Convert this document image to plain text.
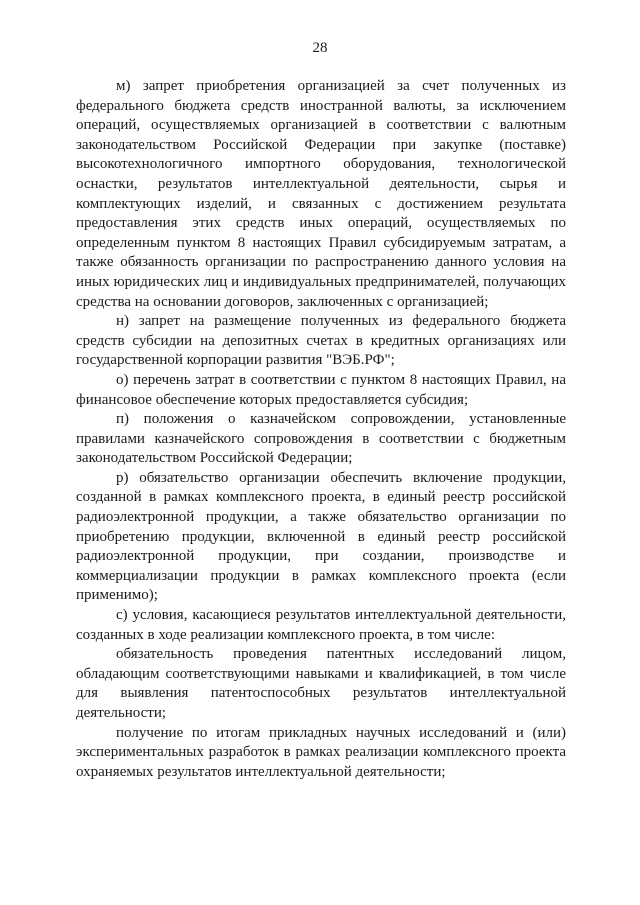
28

м) запрет приобретения организацией за счет полученных из федерального бюджета средств иностранной валюты, за исключением операций, осуществляемых организацией в соответствии с валютным законодательством Российской Федерации при закупке (поставке) высокотехнологичного импортного оборудования, технологической оснастки, результатов интеллектуальной деятельности, сырья и комплектующих изделий, и связанных с достижением результата предоставления этих средств иных операций, осуществляемых по определенным пунктом 8 настоящих Правил субсидируемым затратам, а также обязанность организации по распространению данного условия на иных юридических лиц и индивидуальных предпринимателей, получающих средства на основании договоров, заключенных с организацией;

н) запрет на размещение полученных из федерального бюджета средств субсидии на депозитных счетах в кредитных организациях или государственной корпорации развития "ВЭБ.РФ";

о) перечень затрат в соответствии с пунктом 8 настоящих Правил, на финансовое обеспечение которых предоставляется субсидия;

п) положения о казначейском сопровождении, установленные правилами казначейского сопровождения в соответствии с бюджетным законодательством Российской Федерации;

р) обязательство организации обеспечить включение продукции, созданной в рамках комплексного проекта, в единый реестр российской радиоэлектронной продукции, а также обязательство организации по приобретению продукции, включенной в единый реестр российской радиоэлектронной продукции, при создании, производстве и коммерциализации продукции в рамках комплексного проекта (если применимо);

с) условия, касающиеся результатов интеллектуальной деятельности, созданных в ходе реализации комплексного проекта, в том числе:

обязательность проведения патентных исследований лицом, обладающим соответствующими навыками и квалификацией, в том числе для выявления патентоспособных результатов интеллектуальной деятельности;

получение по итогам прикладных научных исследований и (или) экспериментальных разработок в рамках реализации комплексного проекта охраняемых результатов интеллектуальной деятельности;
